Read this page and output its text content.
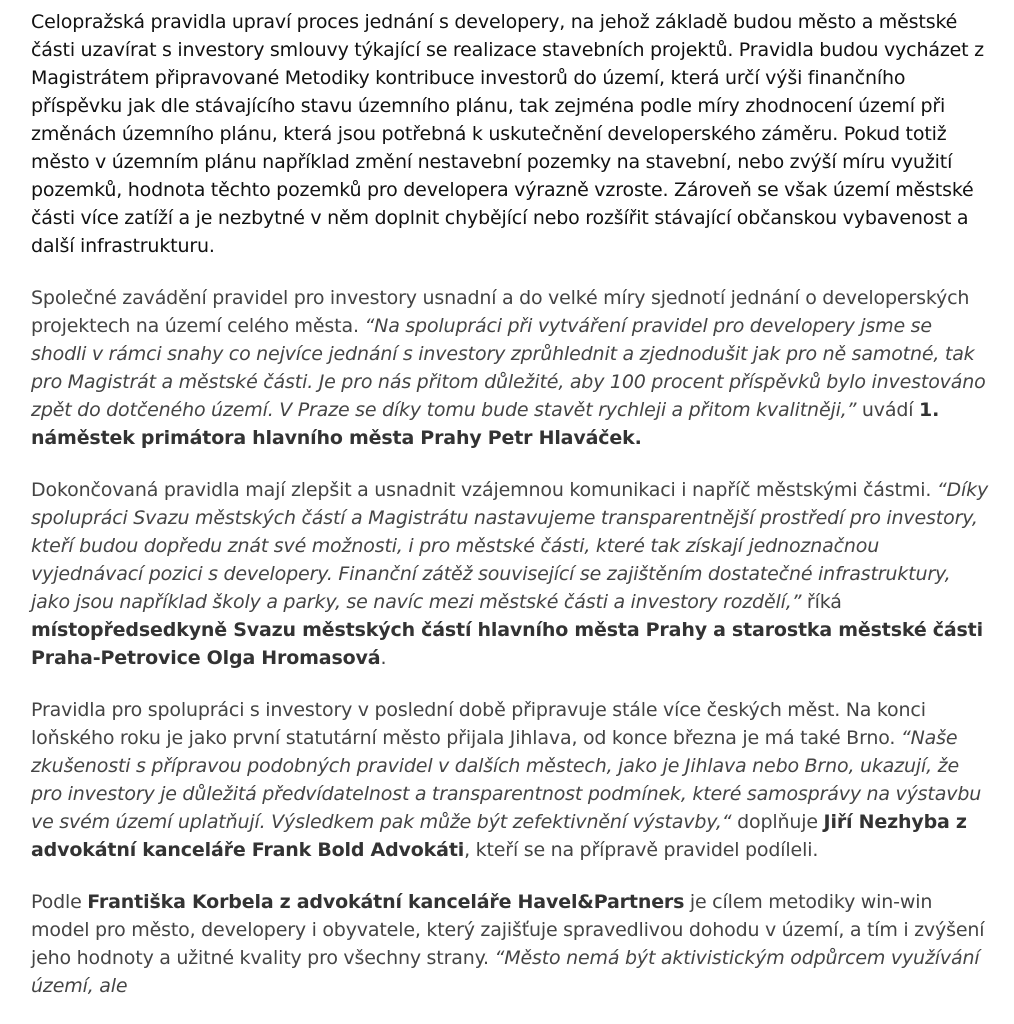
Celopražská pravidla upraví proces jednání s developery, na jehož základě budou město a městské části uzavírat s investory smlouvy týkající se realizace stavebních projektů. Pravidla budou vycházet z Magistrátem připravované Metodiky kontribuce investorů do území, která určí výši finančního příspěvku jak dle stávajícího stavu územního plánu, tak zejména podle míry zhodnocení území při změnách územního plánu, která jsou potřebná k uskutečnění developerského záměru. Pokud totiž město v územním plánu například změní nestavební pozemky na stavební, nebo zvýší míru využití pozemků, hodnota těchto pozemků pro developera výrazně vzroste. Zároveň se však území městské části více zatíží a je nezbytné v něm doplnit chybějící nebo rozšířit stávající občanskou vybavenost a další infrastrukturu.

Společné zavádění pravidel pro investory usnadní a do velké míry sjednotí jednání o developerských projektech na území celého města. “Na spolupráci při vytváření pravidel pro developery jsme se shodli v rámci snahy co nejvíce jednání s investory zprůhlednit a zjednodušit jak pro ně samotné, tak pro Magistrát a městské části. Je pro nás přitom důležité, aby 100 procent příspěvků bylo investováno zpět do dotčeného území. V Praze se díky tomu bude stavět rychleji a přitom kvalitněji,” uvádí 1. náměstek primátora hlavního města Prahy Petr Hlaváček.

Dokončovaná pravidla mají zlepšit a usnadnit vzájemnou komunikaci i napříč městskými částmi. “Díky spolupráci Svazu městských částí a Magistrátu nastavujeme transparentnější prostředí pro investory, kteří budou dopředu znát své možnosti, i pro městské části, které tak získají jednoznačnou vyjednávací pozici s developery. Finanční zátěž související se zajištěním dostatečné infrastruktury, jako jsou například školy a parky, se navíc mezi městské části a investory rozdělí,” říká místopředsedkyně Svazu městských částí hlavního města Prahy a starostka městské části Praha-Petrovice Olga Hromasová.

Pravidla pro spolupráci s investory v poslední době připravuje stále více českých měst. Na konci loňského roku je jako první statutární město přijala Jihlava, od konce března je má také Brno. “Naše zkušenosti s přípravou podobných pravidel v dalších městech, jako je Jihlava nebo Brno, ukazují, že pro investory je důležitá předvídatelnost a transparentnost podmínek, které samosprávy na výstavbu ve svém území uplatňují. Výsledkem pak může být zefektivnění výstavby,“ doplňuje Jiří Nezhyba z advokátní kanceláře Frank Bold Advokáti, kteří se na přípravě pravidel podíleli.

Podle Františka Korbela z advokátní kanceláře Havel&Partners je cílem metodiky win-win model pro město, developery i obyvatele, který zajišťuje spravedlivou dohodu v území, a tím i zvýšení jeho hodnoty a užitné kvality pro všechny strany. “Město nemá být aktivistickým odpůrcem využívání území, ale
